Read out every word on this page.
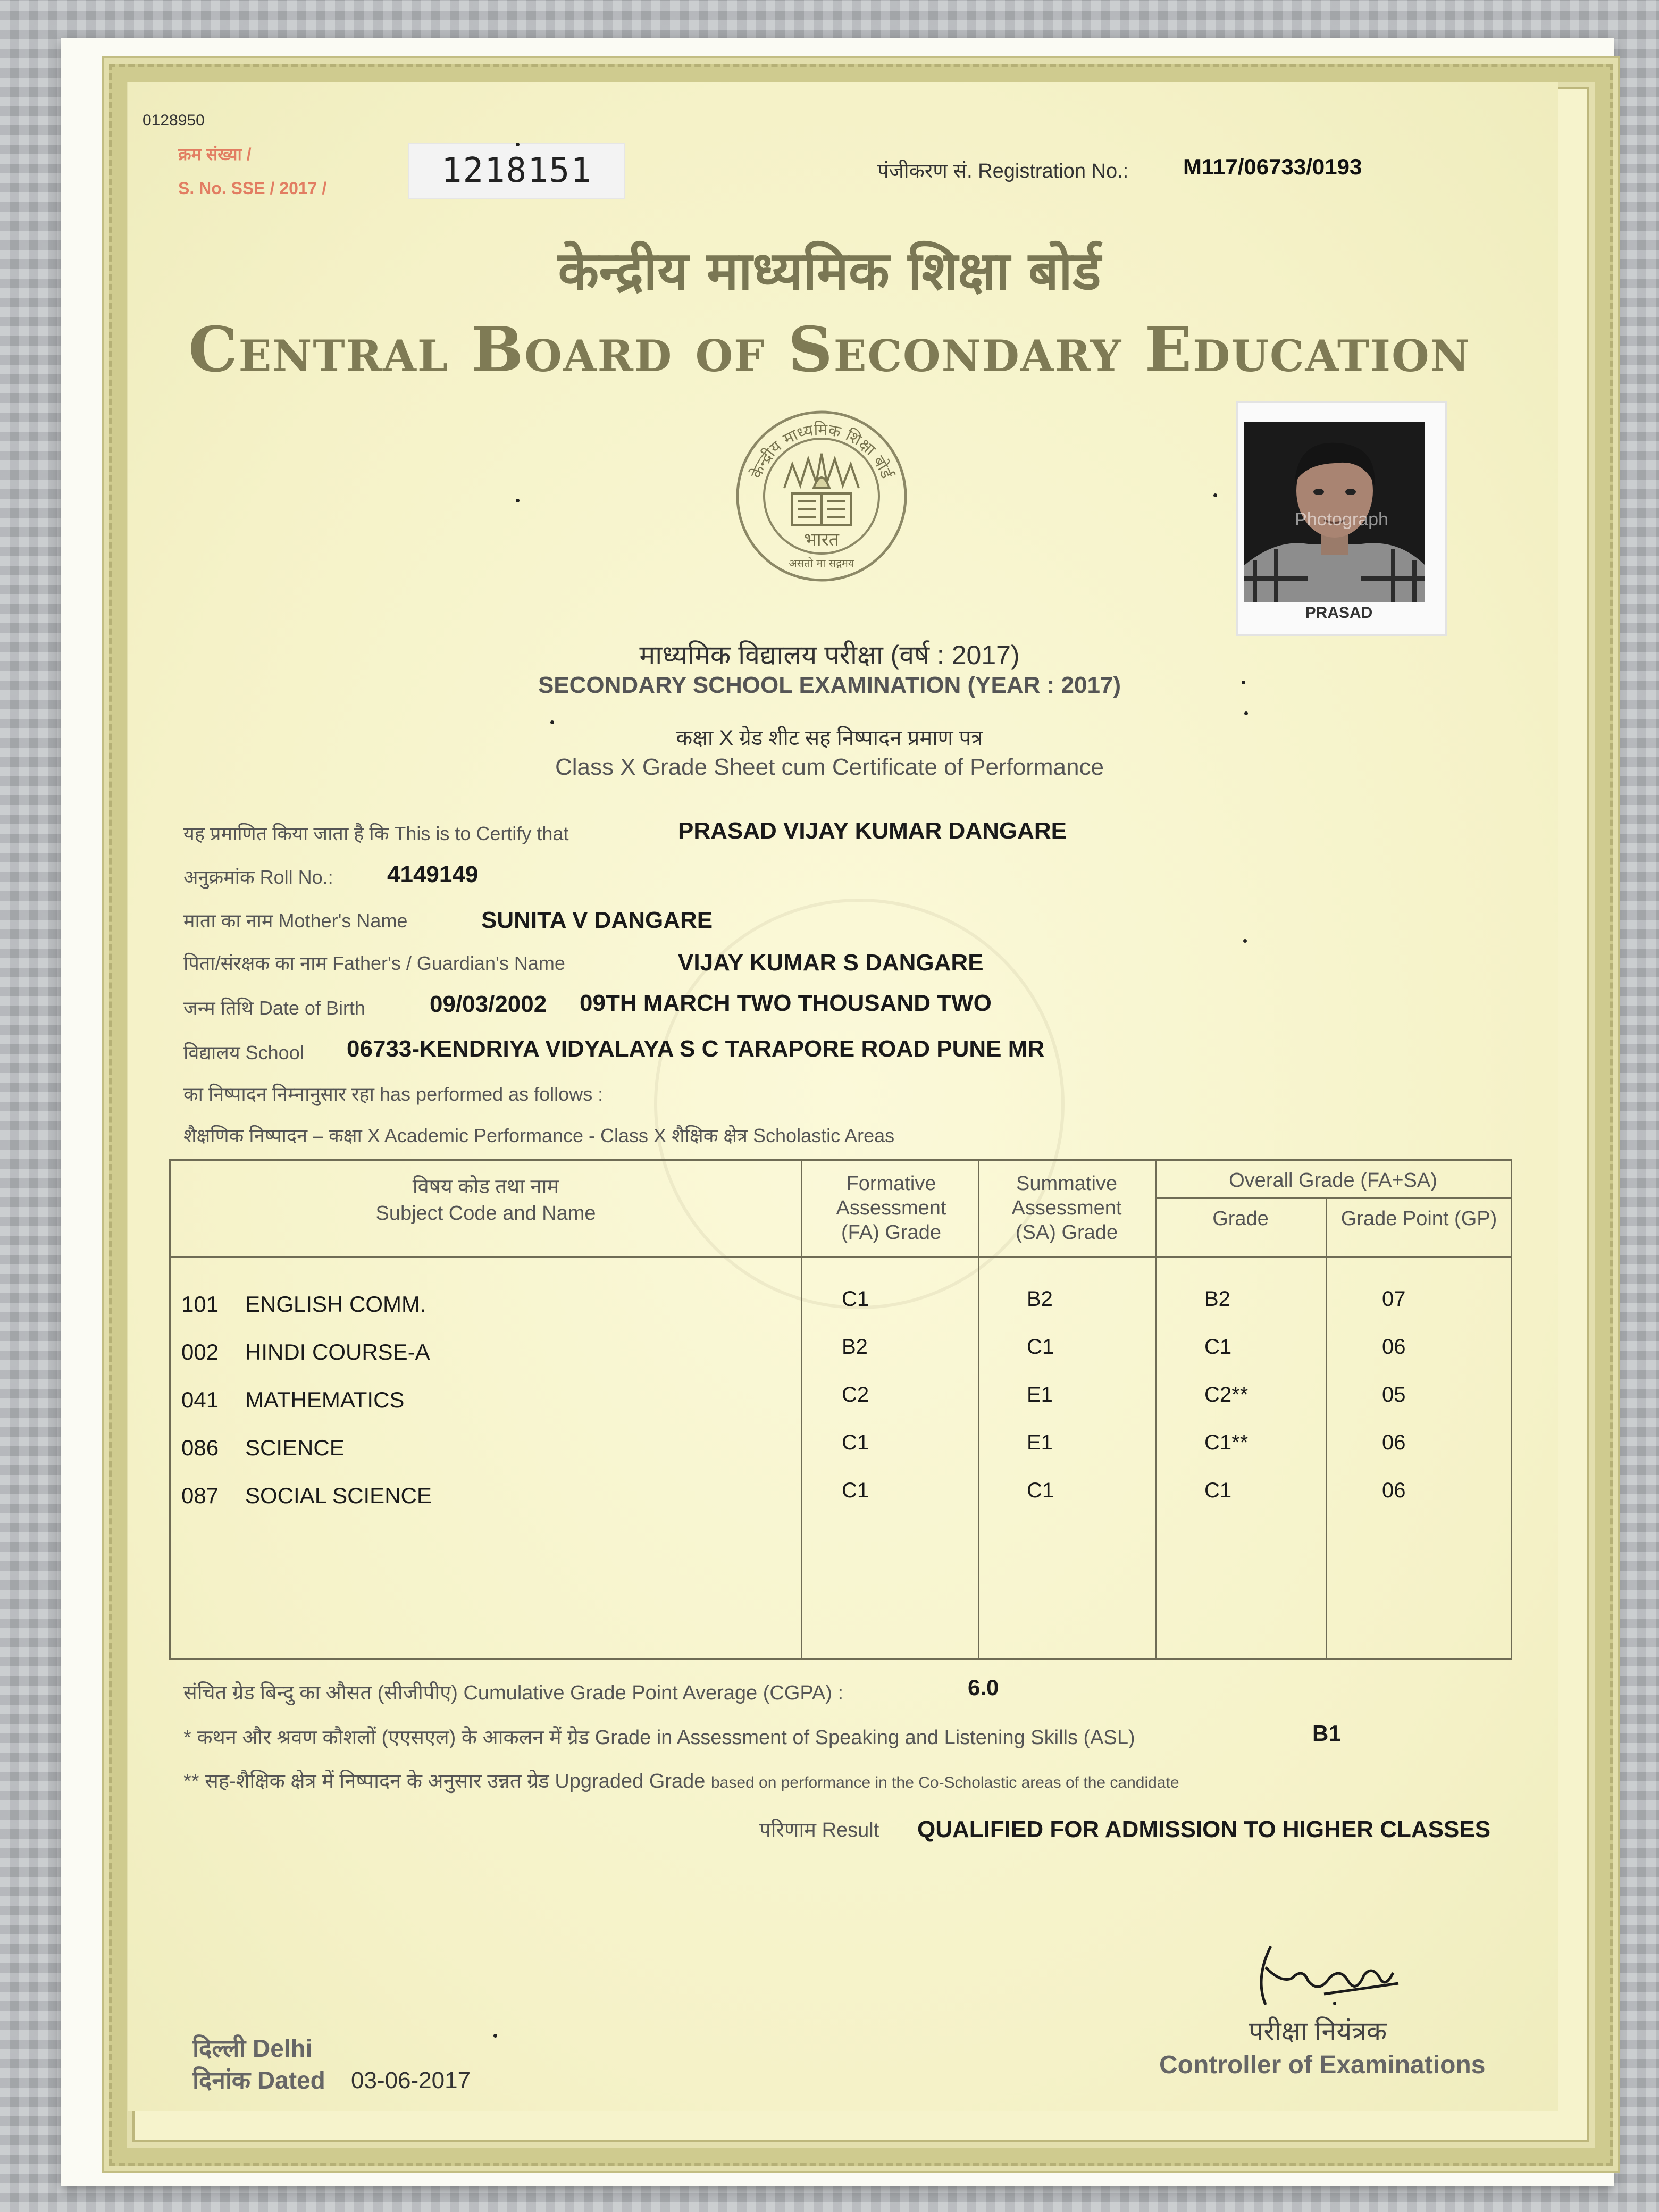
0128950
क्रम संख्या /
S. No. SSE / 2017 /	1218151	पंजीकरण सं. Registration No.: M117/06733/0193
केन्द्रीय माध्यमिक शिक्षा बोर्ड
Central Board of Secondary Education
केन्द्रीय माध्यमिक शिक्षा बोर्ड
भारत
असतो मा सद्गमय
Photograph
PRASAD
माध्यमिक विद्यालय परीक्षा (वर्ष : 2017)
SECONDARY SCHOOL EXAMINATION (YEAR : 2017)
कक्षा X ग्रेड शीट सह निष्पादन प्रमाण पत्र
Class X Grade Sheet cum Certificate of Performance
यह प्रमाणित किया जाता है कि This is to Certify that	PRASAD VIJAY KUMAR DANGARE
अनुक्रमांक Roll No.: 4149149
माता का नाम Mother's Name	SUNITA V DANGARE
पिता/संरक्षक का नाम Father's / Guardian's Name	VIJAY KUMAR S DANGARE
जन्म तिथि Date of Birth	09/03/2002 09TH MARCH TWO THOUSAND TWO
विद्यालय School 06733-KENDRIYA VIDYALAYA S C TARAPORE ROAD PUNE MR
का निष्पादन निम्नानुसार रहा has performed as follows :
शैक्षणिक निष्पादन – कक्षा X Academic Performance - Class X शैक्षिक क्षेत्र Scholastic Areas
विषय कोड तथा नाम
Subject Code and Name
Formative Assessment (FA) Grade
Summative Assessment (SA) Grade
Overall Grade (FA+SA)
Grade	Grade Point (GP)
101 ENGLISH COMM.	C1	B2	B2	07
002 HINDI COURSE-A	B2	C1	C1	06
041 MATHEMATICS	C2	E1	C2**	05
086 SCIENCE	C1	E1	C1**	06
087 SOCIAL SCIENCE	C1	C1	C1	06
संचित ग्रेड बिन्दु का औसत (सीजीपीए) Cumulative Grade Point Average (CGPA) :	6.0
* कथन और श्रवण कौशलों (एएसएल) के आकलन में ग्रेड Grade in Assessment of Speaking and Listening Skills (ASL)	B1
** सह-शैक्षिक क्षेत्र में निष्पादन के अनुसार उन्नत ग्रेड Upgraded Grade based on performance in the Co-Scholastic areas of the candidate
परिणाम Result QUALIFIED FOR ADMISSION TO HIGHER CLASSES
परीक्षा नियंत्रक
Controller of Examinations
दिल्ली Delhi
दिनांक Dated 03-06-2017
